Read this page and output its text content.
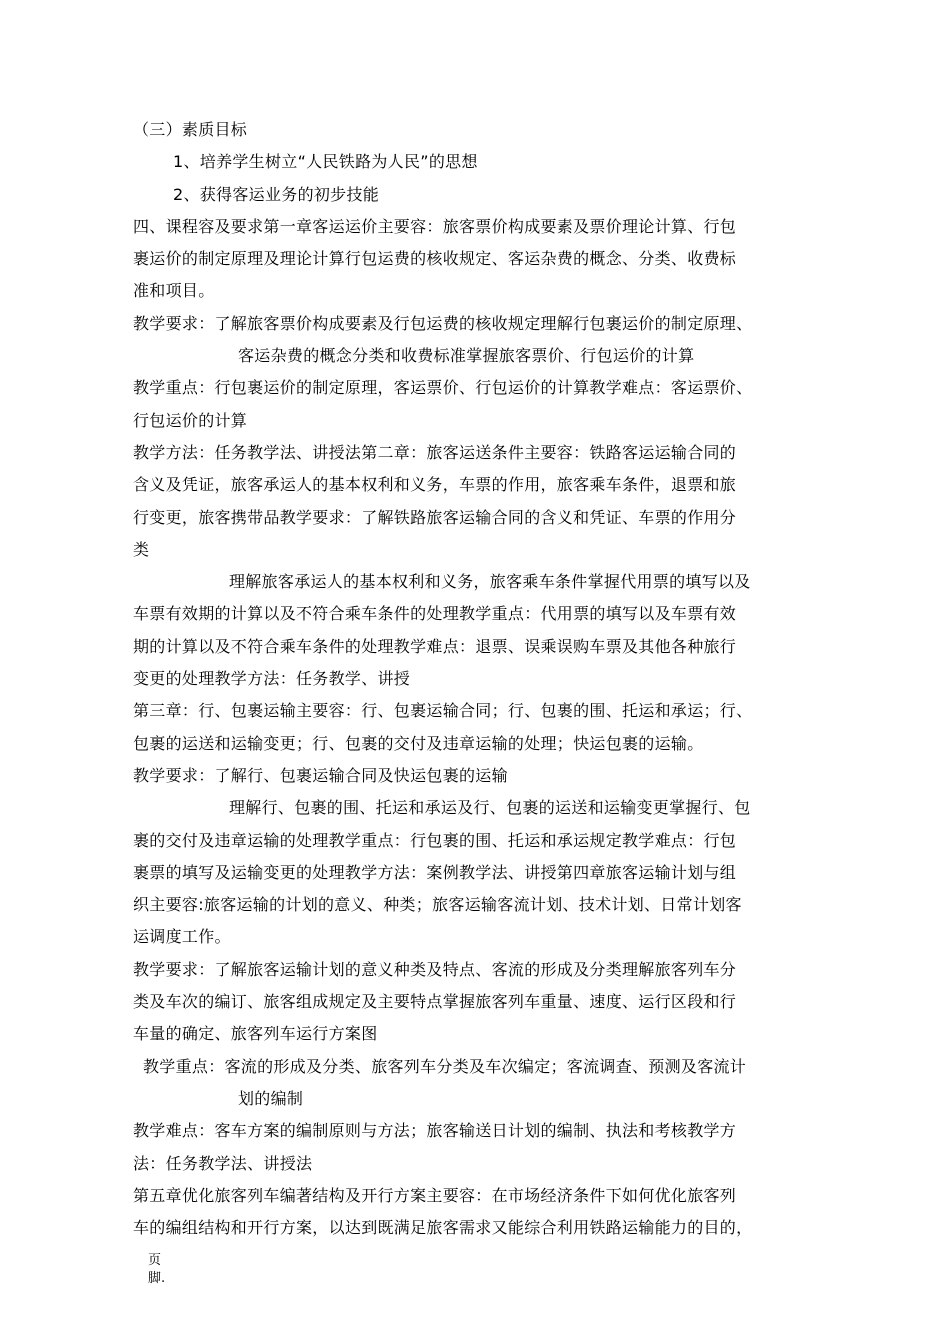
（三）素质目标

1、培养学生树立“人民铁路为人民”的思想

2、获得客运业务的初步技能

四、课程容及要求第一章客运运价主要容：旅客票价构成要素及票价理论计算、行包

裹运价的制定原理及理论计算行包运费的核收规定、客运杂费的概念、分类、收费标

准和项目。

教学要求：了解旅客票价构成要素及行包运费的核收规定理解行包裹运价的制定原理、

客运杂费的概念分类和收费标准掌握旅客票价、行包运价的计算

教学重点：行包裹运价的制定原理，客运票价、行包运价的计算教学难点：客运票价、

行包运价的计算

教学方法：任务教学法、讲授法第二章：旅客运送条件主要容：铁路客运运输合同的

含义及凭证，旅客承运人的基本权利和义务，车票的作用，旅客乘车条件，退票和旅

行变更，旅客携带品教学要求：了解铁路旅客运输合同的含义和凭证、车票的作用分

类

理解旅客承运人的基本权利和义务，旅客乘车条件掌握代用票的填写以及

车票有效期的计算以及不符合乘车条件的处理教学重点：代用票的填写以及车票有效

期的计算以及不符合乘车条件的处理教学难点：退票、误乘误购车票及其他各种旅行

变更的处理教学方法：任务教学、讲授

第三章：行、包裹运输主要容：行、包裹运输合同；行、包裹的围、托运和承运；行、

包裹的运送和运输变更；行、包裹的交付及违章运输的处理；快运包裹的运输。

教学要求：了解行、包裹运输合同及快运包裹的运输

理解行、包裹的围、托运和承运及行、包裹的运送和运输变更掌握行、包

裹的交付及违章运输的处理教学重点：行包裹的围、托运和承运规定教学难点：行包

裹票的填写及运输变更的处理教学方法：案例教学法、讲授第四章旅客运输计划与组

织主要容:旅客运输的计划的意义、种类；旅客运输客流计划、技术计划、日常计划客

运调度工作。

教学要求：了解旅客运输计划的意义种类及特点、客流的形成及分类理解旅客列车分

类及车次的编订、旅客组成规定及主要特点掌握旅客列车重量、速度、运行区段和行

车量的确定、旅客列车运行方案图

教学重点：客流的形成及分类、旅客列车分类及车次编定；客流调查、预测及客流计

划的编制

教学难点：客车方案的编制原则与方法；旅客输送日计划的编制、执法和考核教学方

法：任务教学法、讲授法

第五章优化旅客列车编著结构及开行方案主要容：在市场经济条件下如何优化旅客列

车的编组结构和开行方案，以达到既满足旅客需求又能综合利用铁路运输能力的目的，

页
脚.
